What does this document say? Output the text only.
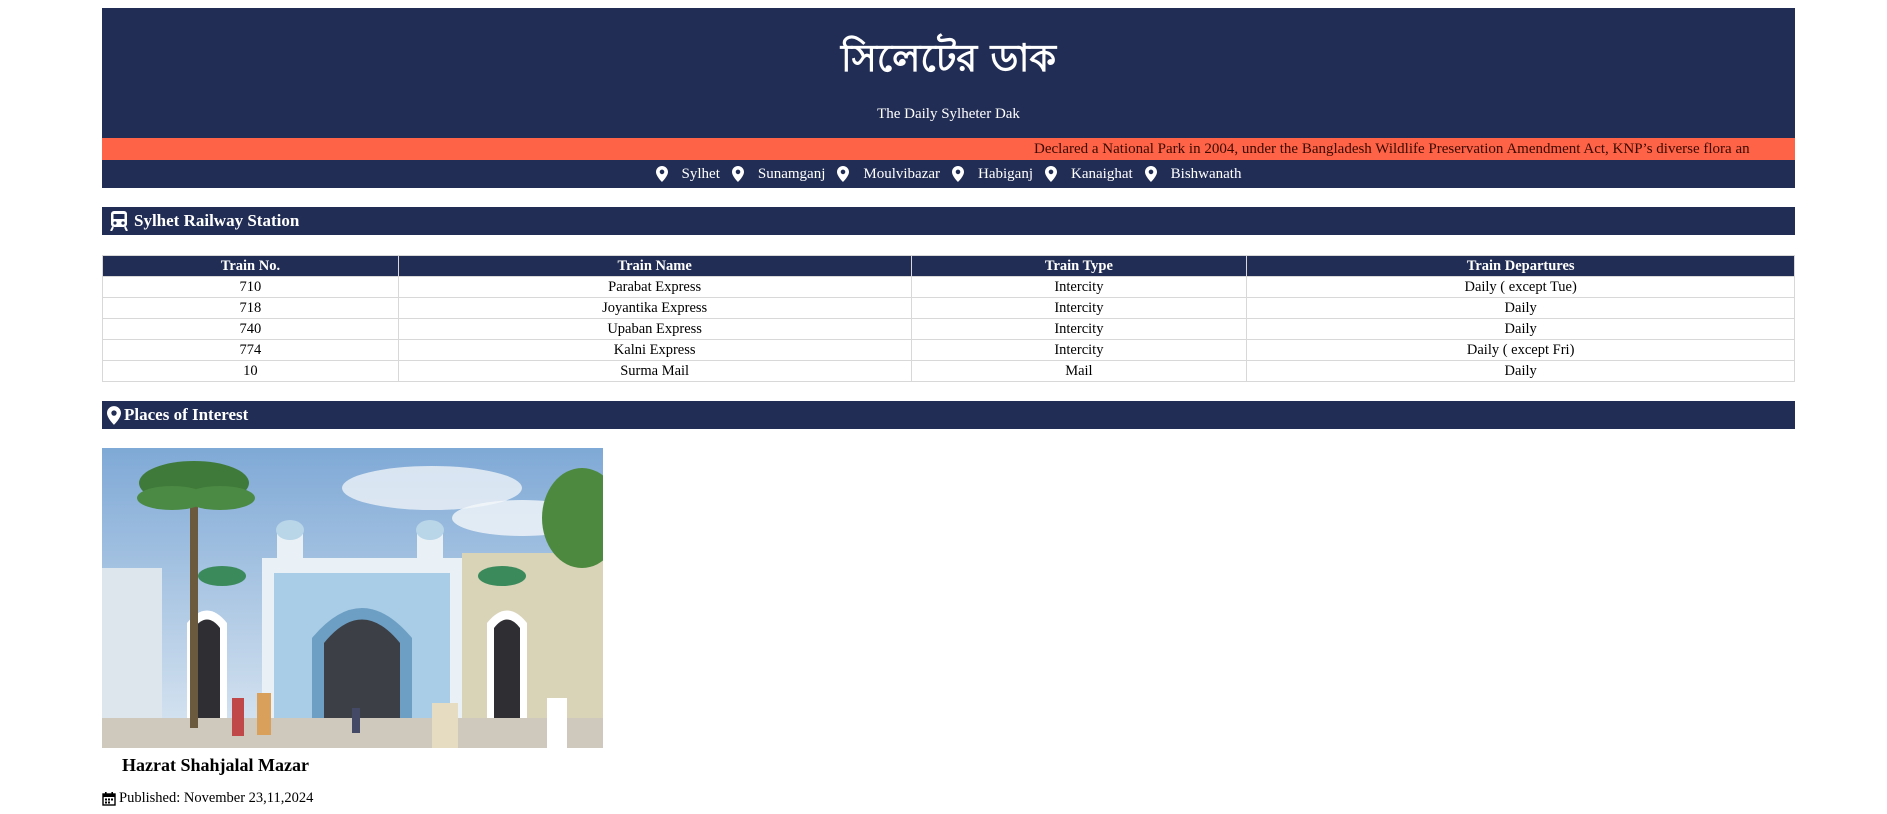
সিলেটের ডাক
The Daily Sylheter Dak
Declared a National Park in 2004, under the Bangladesh Wildlife Preservation Amendment Act, KNP’s diverse flora an
Sylhet	Sunamganj	Moulvibazar	Habiganj	Kanaighat	Bishwanath
Sylhet Railway Station
Train No.	Train Name	Train Type	Train Departures
710	Parabat Express	Intercity	Daily ( except Tue)
718	Joyantika Express	Intercity	Daily
740	Upaban Express	Intercity	Daily
774	Kalni Express	Intercity	Daily ( except Fri)
10	Surma Mail	Mail	Daily
Places of Interest
Hazrat Shahjalal Mazar
Published: November 23,11,2024
